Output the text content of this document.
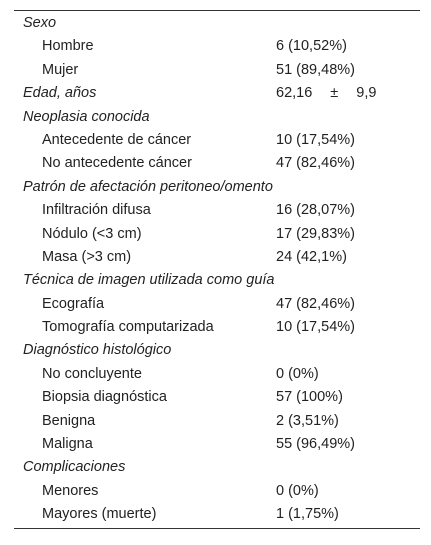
Sexo
Hombre	6 (10,52%)
Mujer	51 (89,48%)
Edad, años	62,16 ± 9,9
Neoplasia conocida
Antecedente de cáncer	10 (17,54%)
No antecedente cáncer	47 (82,46%)
Patrón de afectación peritoneo/omento
Infiltración difusa	16 (28,07%)
Nódulo (<3 cm)	17 (29,83%)
Masa (>3 cm)	24 (42,1%)
Técnica de imagen utilizada como guía
Ecografía	47 (82,46%)
Tomografía computarizada	10 (17,54%)
Diagnóstico histológico
No concluyente	0 (0%)
Biopsia diagnóstica	57 (100%)
Benigna	2 (3,51%)
Maligna	55 (96,49%)
Complicaciones
Menores	0 (0%)
Mayores (muerte)	1 (1,75%)
